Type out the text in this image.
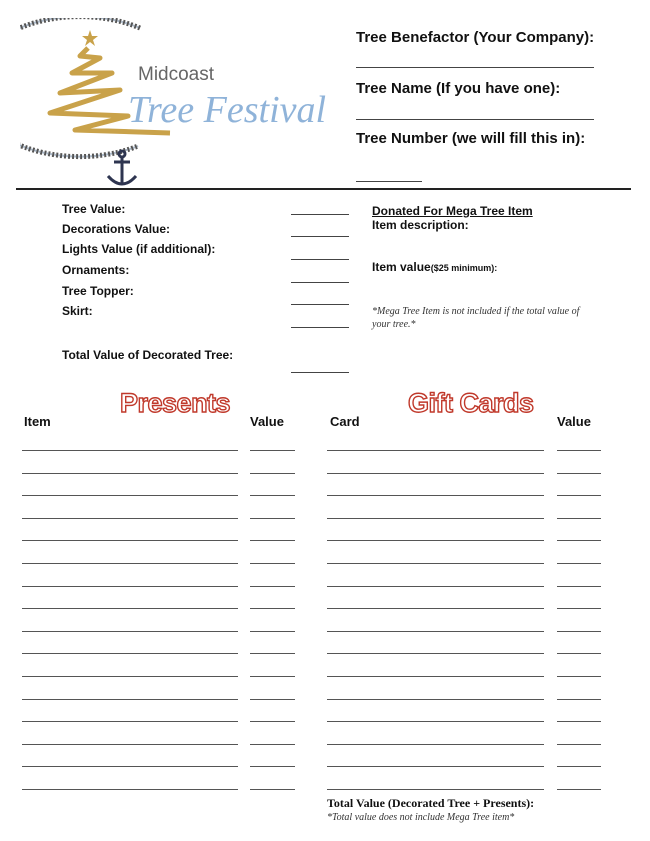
Midcoast
Tree Festival
Tree Benefactor (Your Company):
Tree Name (If you have one):
Tree Number (we will fill this in):
Tree Value:
Decorations Value:
Lights Value (if additional):
Ornaments:
Tree Topper:
Skirt:
Total Value of Decorated Tree:
Donated For Mega Tree Item
Item description:
Item value($25 minimum):
*Mega Tree Item is not included if the total value of your tree.*
Presents	Gift Cards
Item	Value	Card	Value
Total Value (Decorated Tree + Presents):
*Total value does not include Mega Tree item*
